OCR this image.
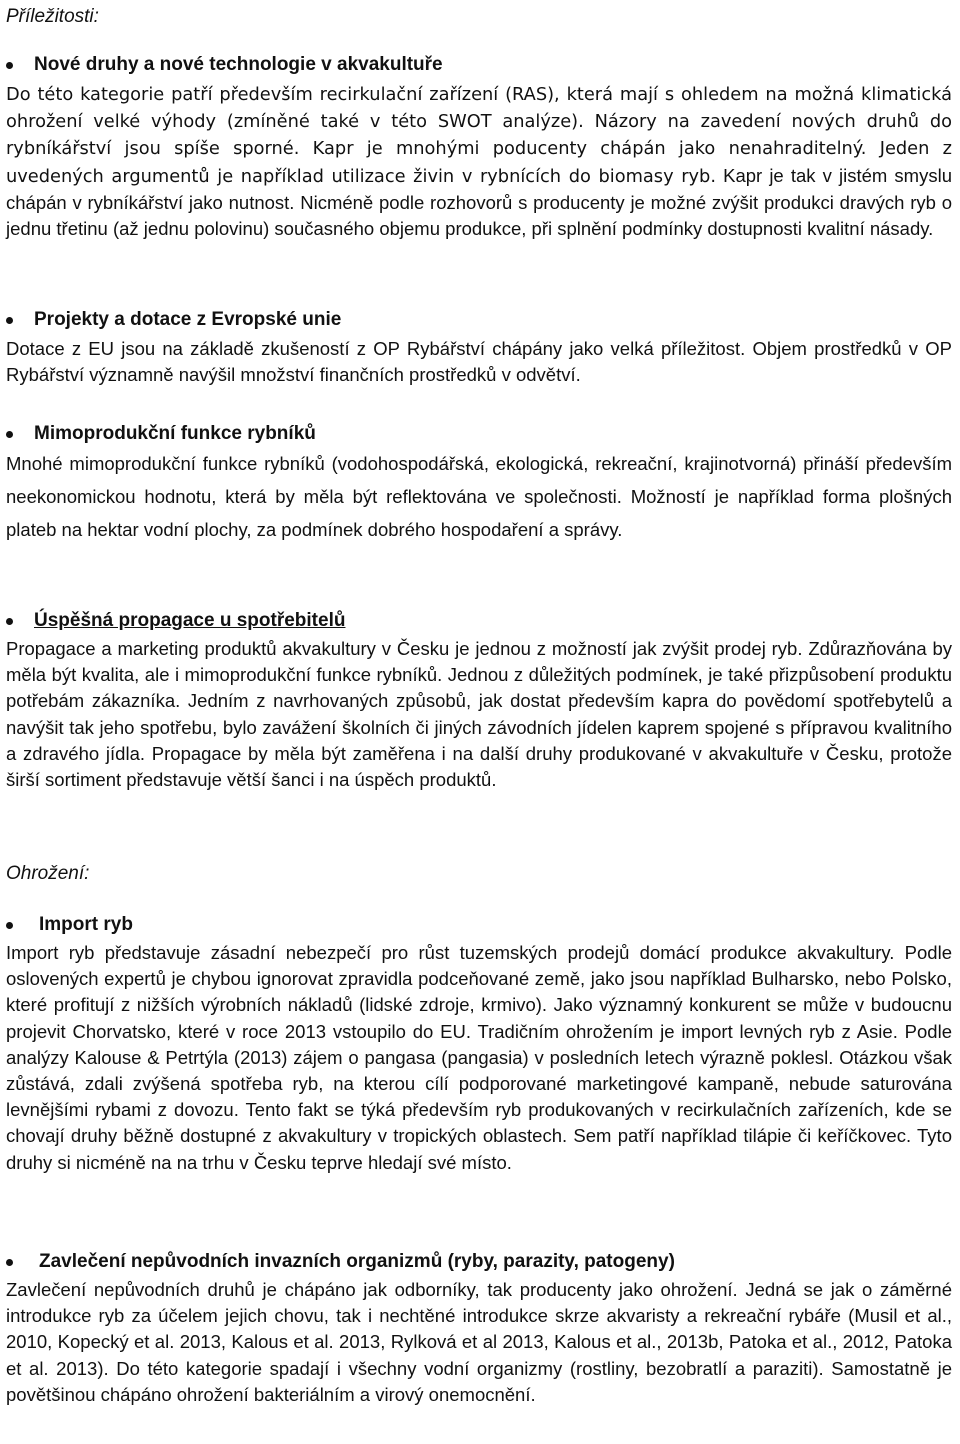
Příležitosti:

Nové druhy a nové technologie v akvakultuře

Do této kategorie patří především recirkulační zařízení (RAS), která mají s ohledem na možná klimatická ohrožení velké výhody (zmíněné také v této SWOT analýze). Názory na zavedení nových druhů do rybníkářství jsou spíše sporné. Kapr je mnohými poducenty chápán jako nenahraditelný. Jeden z uvedených argumentů je například utilizace živin v rybnících do biomasy ryb. Kapr je tak v jistém smyslu chápán v rybníkářství jako nutnost. Nicméně podle rozhovorů s producenty je možné zvýšit produkci dravých ryb o jednu třetinu (až jednu polovinu) současného objemu produkce, při splnění podmínky dostupnosti kvalitní násady.

Projekty a dotace z Evropské unie

Dotace z EU jsou na základě zkušeností z OP Rybářství chápány jako velká příležitost. Objem prostředků v OP Rybářství významně navýšil množství finančních prostředků v odvětví.

Mimoprodukční funkce rybníků

Mnohé mimoprodukční funkce rybníků (vodohospodářská, ekologická, rekreační, krajinotvorná) přináší především neekonomickou hodnotu, která by měla být reflektována ve společnosti. Možností je například forma plošných plateb na hektar vodní plochy, za podmínek dobrého hospodaření a správy.

Úspěšná propagace u spotřebitelů

Propagace a marketing produktů akvakultury v Česku je jednou z možností jak zvýšit prodej ryb. Zdůrazňována by měla být kvalita, ale i mimoprodukční funkce rybníků. Jednou z důležitých podmínek, je také přizpůsobení produktu potřebám zákazníka. Jedním z navrhovaných způsobů, jak dostat především kapra do povědomí spotřebytelů a navýšit tak jeho spotřebu, bylo zavážení školních či jiných závodních jídelen kaprem spojené s přípravou kvalitního a zdravého jídla. Propagace by měla být zaměřena i na další druhy produkované v akvakultuře v Česku, protože širší sortiment představuje větší šanci i na úspěch produktů.

Ohrožení:

Import ryb

Import ryb představuje zásadní nebezpečí pro růst tuzemských prodejů domácí produkce akvakultury. Podle oslovených expertů je chybou ignorovat zpravidla podceňované země, jako jsou například Bulharsko, nebo Polsko, které profitují z nižších výrobních nákladů (lidské zdroje, krmivo). Jako významný konkurent se může v budoucnu projevit Chorvatsko, které v roce 2013 vstoupilo do EU. Tradičním ohrožením je import levných ryb z Asie. Podle analýzy Kalouse & Petrtýla (2013) zájem o pangasa (pangasia) v posledních letech výrazně poklesl. Otázkou však zůstává, zdali zvýšená spotřeba ryb, na kterou cílí podporované marketingové kampaně, nebude saturována levnějšími rybami z dovozu. Tento fakt se týká především ryb produkovaných v recirkulačních zařízeních, kde se chovají druhy běžně dostupné z akvakultury v tropických oblastech. Sem patří například tilápie či keříčkovec. Tyto druhy si nicméně na na trhu v Česku teprve hledají své místo.

Zavlečení nepůvodních invazních organizmů (ryby, parazity, patogeny)

Zavlečení nepůvodních druhů je chápáno jak odborníky, tak producenty jako ohrožení. Jedná se jak o záměrné introdukce ryb za účelem jejich chovu, tak i nechtěné introdukce skrze akvaristy a rekreační rybáře (Musil et al., 2010, Kopecký et al. 2013, Kalous et al. 2013, Rylková et al 2013, Kalous et al., 2013b, Patoka et al., 2012, Patoka et al. 2013). Do této kategorie spadají i všechny vodní organizmy (rostliny, bezobratlí a paraziti). Samostatně je povětšinou chápáno ohrožení bakteriálním a virový onemocnění.
